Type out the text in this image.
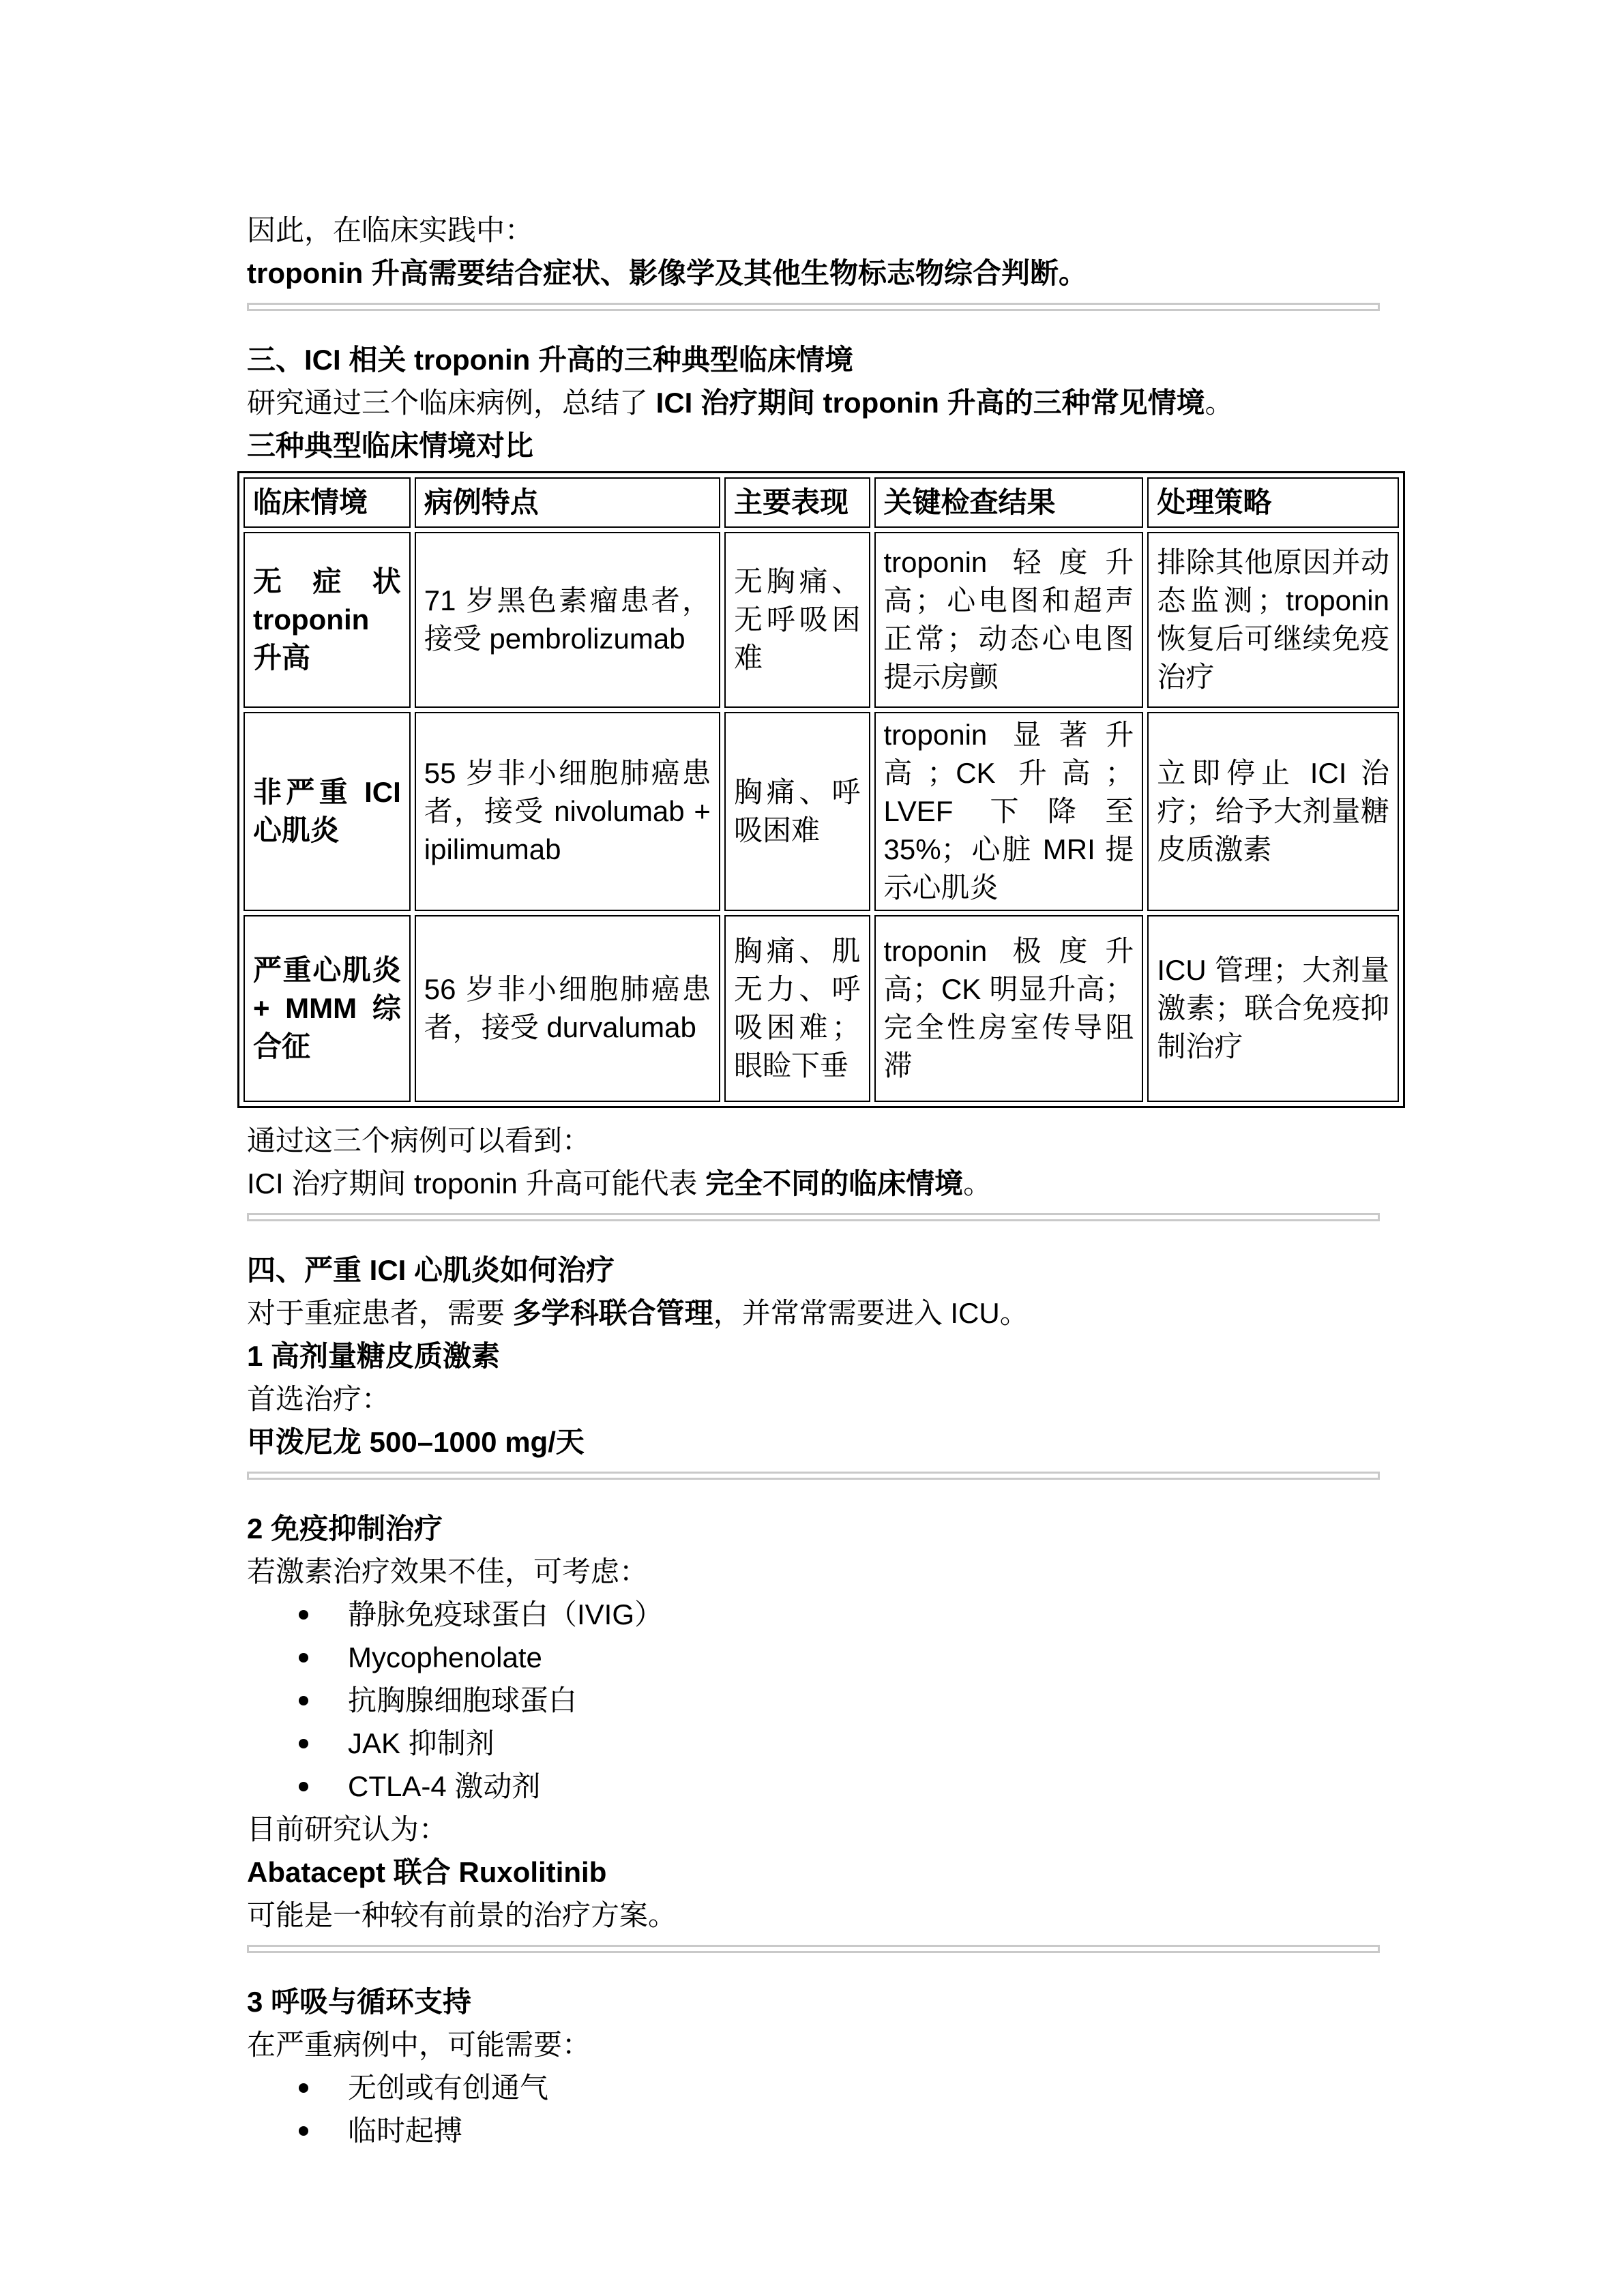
因此，在临床实践中：

troponin 升高需要结合症状、影像学及其他生物标志物综合判断。

三、ICI 相关 troponin 升高的三种典型临床情境

研究通过三个临床病例，总结了 ICI 治疗期间 troponin 升高的三种常见情境。

三种典型临床情境对比

临床情境	病例特点	主要表现	关键检查结果	处理策略
无症状 troponin 升高	71 岁黑色素瘤患者，接受 pembrolizumab	无胸痛、无呼吸困难	troponin 轻度升高；心电图和超声正常；动态心电图提示房颤	排除其他原因并动态监测；troponin 恢复后可继续免疫治疗
非严重 ICI 心肌炎	55 岁非小细胞肺癌患者，接受 nivolumab + ipilimumab	胸痛、呼吸困难	troponin 显著升高；CK 升高； LVEF 下降至 35%；心脏 MRI 提示心肌炎	立即停止 ICI 治疗；给予大剂量糖皮质激素
严重心肌炎 + MMM 综合征	56 岁非小细胞肺癌患者，接受 durvalumab	胸痛、肌无力、呼吸困难；眼睑下垂	troponin 极度升高；CK 明显升高；完全性房室传导阻滞	ICU 管理；大剂量激素；联合免疫抑制治疗

通过这三个病例可以看到：

ICI 治疗期间 troponin 升高可能代表 完全不同的临床情境。

四、严重 ICI 心肌炎如何治疗

对于重症患者，需要 多学科联合管理，并常常需要进入 ICU。

1 高剂量糖皮质激素

首选治疗：

甲泼尼龙 500–1000 mg/天

2 免疫抑制治疗

若激素治疗效果不佳，可考虑：

静脉免疫球蛋白（IVIG）
Mycophenolate
抗胸腺细胞球蛋白
JAK 抑制剂
CTLA-4 激动剂

目前研究认为：

Abatacept 联合 Ruxolitinib

可能是一种较有前景的治疗方案。

3 呼吸与循环支持

在严重病例中，可能需要：

无创或有创通气
临时起搏
